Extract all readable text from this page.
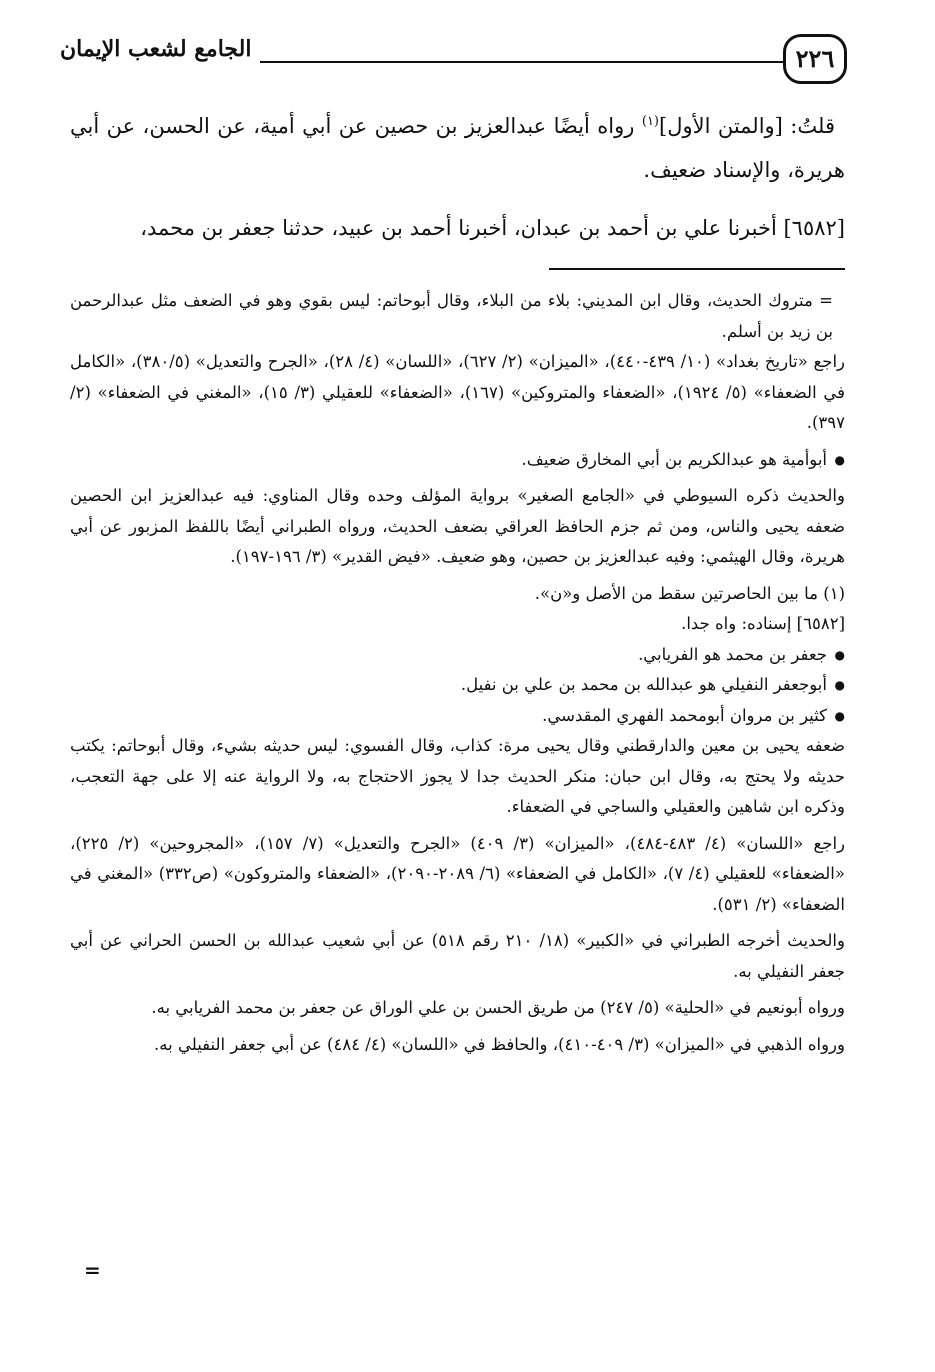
٢٢٦
الجامع لشعب الإيمان

قلتُ: [والمتن الأول]$^{(١)}$ رواه أيضًا عبدالعزيز بن حصين عن أبي أمية، عن الحسن، عن أبي هريرة، والإسناد ضعيف.

[٦٥٨٢] أخبرنا علي بن أحمد بن عبدان، أخبرنا أحمد بن عبيد، حدثنا جعفر بن محمد،

= متروك الحديث، وقال ابن المديني: بلاء من البلاء، وقال أبوحاتم: ليس بقوي وهو في الضعف مثل عبدالرحمن بن زيد بن أسلم.

راجع «تاريخ بغداد» (١٠/ ٤٣٩-٤٤٠)، «الميزان» (٢/ ٦٢٧)، «اللسان» (٤/ ٢٨)، «الجرح والتعديل» (٣٨٠/٥)، «الكامل في الضعفاء» (٥/ ١٩٢٤)، «الضعفاء والمتروكين» (١٦٧)، «الضعفاء» للعقيلي (٣/ ١٥)، «المغني في الضعفاء» (٢/ ٣٩٧).

● أبوأمية هو عبدالكريم بن أبي المخارق ضعيف.

والحديث ذكره السيوطي في «الجامع الصغير» برواية المؤلف وحده وقال المناوي: فيه عبدالعزيز ابن الحصين ضعفه يحيى والناس، ومن ثم جزم الحافظ العراقي بضعف الحديث، ورواه الطبراني أيضًا باللفظ المزبور عن أبي هريرة، وقال الهيثمي: وفيه عبدالعزيز بن حصين، وهو ضعيف. «فيض القدير» (٣/ ١٩٦-١٩٧).

(١) ما بين الحاصرتين سقط من الأصل و«ن».

[٦٥٨٢] إسناده: واه جدا.

● جعفر بن محمد هو الفريابي.

● أبوجعفر النفيلي هو عبدالله بن محمد بن علي بن نفيل.

● كثير بن مروان أبومحمد الفهري المقدسي.

ضعفه يحيى بن معين والدارقطني وقال يحيى مرة: كذاب، وقال الفسوي: ليس حديثه بشيء، وقال أبوحاتم: يكتب حديثه ولا يحتج به، وقال ابن حبان: منكر الحديث جدا لا يجوز الاحتجاج به، ولا الرواية عنه إلا على جهة التعجب، وذكره ابن شاهين والعقيلي والساجي في الضعفاء.

راجع «اللسان» (٤/ ٤٨٣-٤٨٤)، «الميزان» (٣/ ٤٠٩) «الجرح والتعديل» (٧/ ١٥٧)، «المجروحين» (٢/ ٢٢٥)، «الضعفاء» للعقيلي (٤/ ٧)، «الكامل في الضعفاء» (٦/ ٢٠٨٩-٢٠٩٠)، «الضعفاء والمتروكون» (ص٣٣٢) «المغني في الضعفاء» (٢/ ٥٣١).

والحديث أخرجه الطبراني في «الكبير» (١٨/ ٢١٠ رقم ٥١٨) عن أبي شعيب عبدالله بن الحسن الحراني عن أبي جعفر النفيلي به.

ورواه أبونعيم في «الحلية» (٥/ ٢٤٧) من طريق الحسن بن علي الوراق عن جعفر بن محمد الفريابي به.

ورواه الذهبي في «الميزان» (٣/ ٤٠٩-٤١٠)، والحافظ في «اللسان» (٤/ ٤٨٤) عن أبي جعفر النفيلي به.

=
